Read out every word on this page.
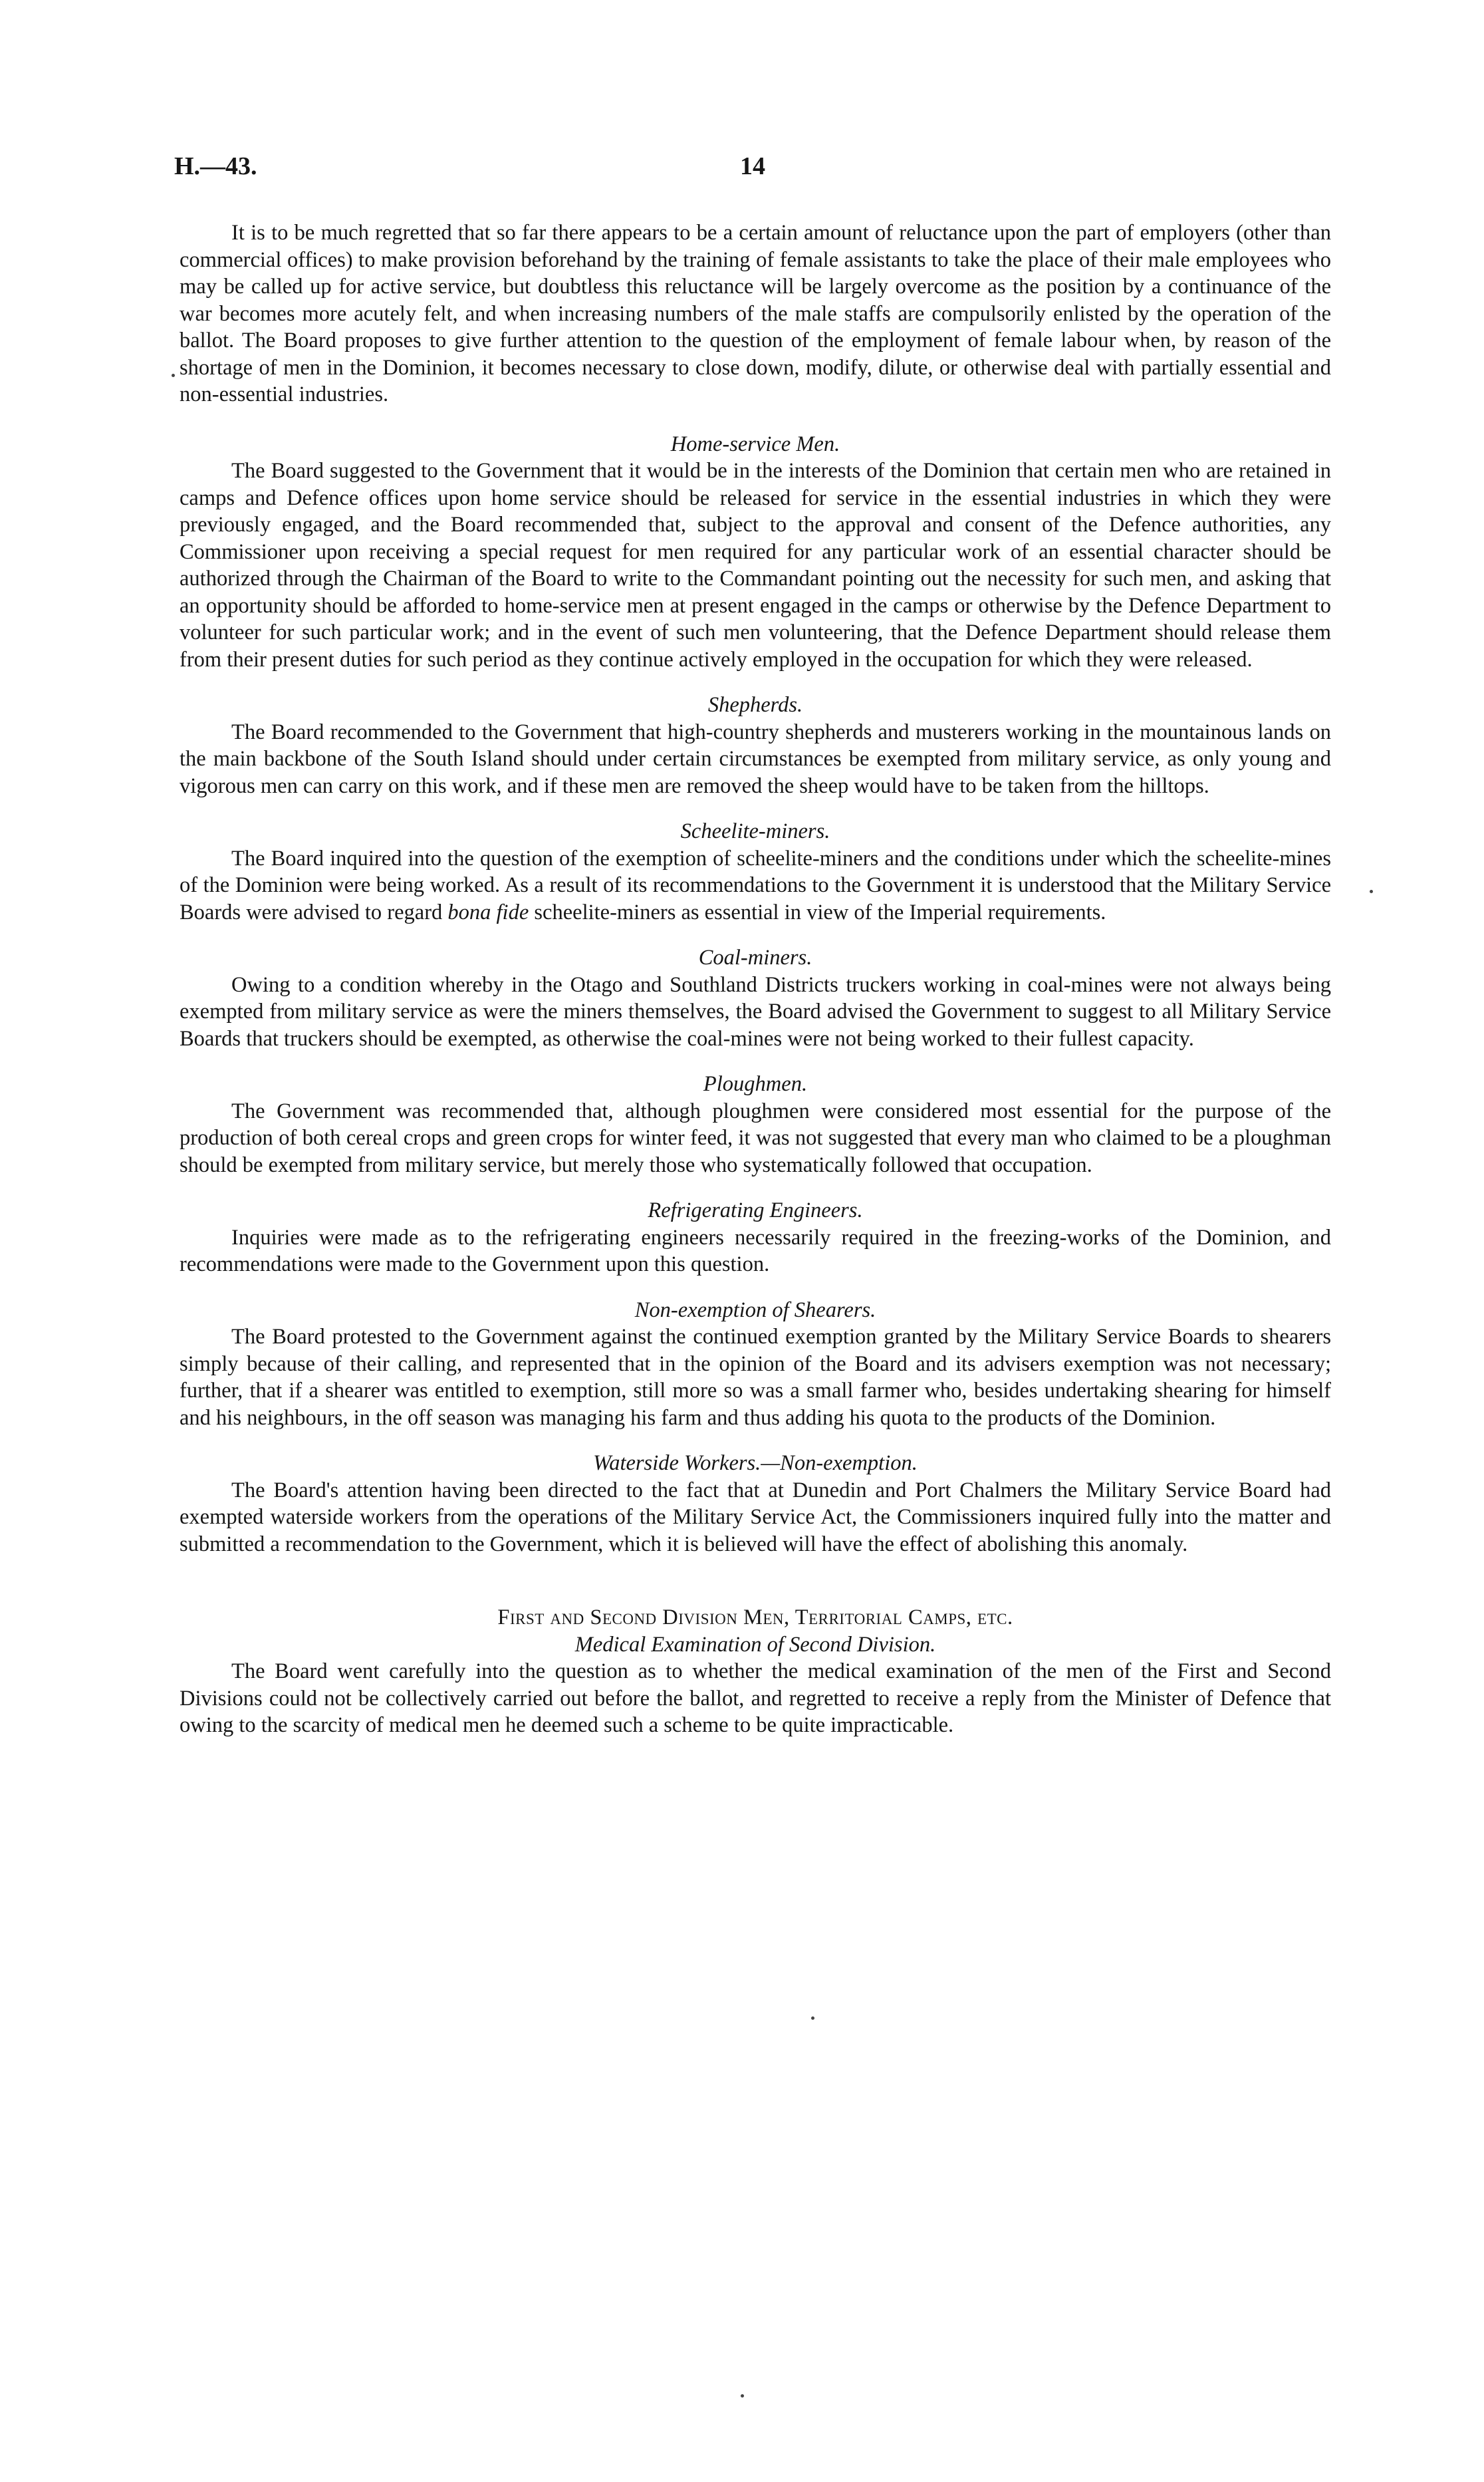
H.—43.	14

It is to be much regretted that so far there appears to be a certain amount of reluctance upon the part of employers (other than commercial offices) to make provision beforehand by the training of female assistants to take the place of their male employees who may be called up for active service, but doubtless this reluctance will be largely overcome as the position by a continuance of the war becomes more acutely felt, and when increasing numbers of the male staffs are compulsorily enlisted by the operation of the ballot. The Board proposes to give further attention to the question of the employment of female labour when, by reason of the shortage of men in the Dominion, it becomes necessary to close down, modify, dilute, or otherwise deal with partially essential and non-essential industries.

Home-service Men.

The Board suggested to the Government that it would be in the interests of the Dominion that certain men who are retained in camps and Defence offices upon home service should be released for service in the essential industries in which they were previously engaged, and the Board recommended that, subject to the approval and consent of the Defence authorities, any Commissioner upon receiving a special request for men required for any particular work of an essential character should be authorized through the Chairman of the Board to write to the Commandant pointing out the necessity for such men, and asking that an opportunity should be afforded to home-service men at present engaged in the camps or otherwise by the Defence Department to volunteer for such particular work; and in the event of such men volunteering, that the Defence Department should release them from their present duties for such period as they continue actively employed in the occupation for which they were released.

Shepherds.

The Board recommended to the Government that high-country shepherds and musterers working in the mountainous lands on the main backbone of the South Island should under certain circumstances be exempted from military service, as only young and vigorous men can carry on this work, and if these men are removed the sheep would have to be taken from the hilltops.

Scheelite-miners.

The Board inquired into the question of the exemption of scheelite-miners and the conditions under which the scheelite-mines of the Dominion were being worked. As a result of its recommendations to the Government it is understood that the Military Service Boards were advised to regard bona fide scheelite-miners as essential in view of the Imperial requirements.

Coal-miners.

Owing to a condition whereby in the Otago and Southland Districts truckers working in coal-mines were not always being exempted from military service as were the miners themselves, the Board advised the Government to suggest to all Military Service Boards that truckers should be exempted, as otherwise the coal-mines were not being worked to their fullest capacity.

Ploughmen.

The Government was recommended that, although ploughmen were considered most essential for the purpose of the production of both cereal crops and green crops for winter feed, it was not suggested that every man who claimed to be a ploughman should be exempted from military service, but merely those who systematically followed that occupation.

Refrigerating Engineers.

Inquiries were made as to the refrigerating engineers necessarily required in the freezing-works of the Dominion, and recommendations were made to the Government upon this question.

Non-exemption of Shearers.

The Board protested to the Government against the continued exemption granted by the Military Service Boards to shearers simply because of their calling, and represented that in the opinion of the Board and its advisers exemption was not necessary; further, that if a shearer was entitled to exemption, still more so was a small farmer who, besides undertaking shearing for himself and his neighbours, in the off season was managing his farm and thus adding his quota to the products of the Dominion.

Waterside Workers.—Non-exemption.

The Board's attention having been directed to the fact that at Dunedin and Port Chalmers the Military Service Board had exempted waterside workers from the operations of the Military Service Act, the Commissioners inquired fully into the matter and submitted a recommendation to the Government, which it is believed will have the effect of abolishing this anomaly.

First and Second Division Men, Territorial Camps, etc.
Medical Examination of Second Division.

The Board went carefully into the question as to whether the medical examination of the men of the First and Second Divisions could not be collectively carried out before the ballot, and regretted to receive a reply from the Minister of Defence that owing to the scarcity of medical men he deemed such a scheme to be quite impracticable.
